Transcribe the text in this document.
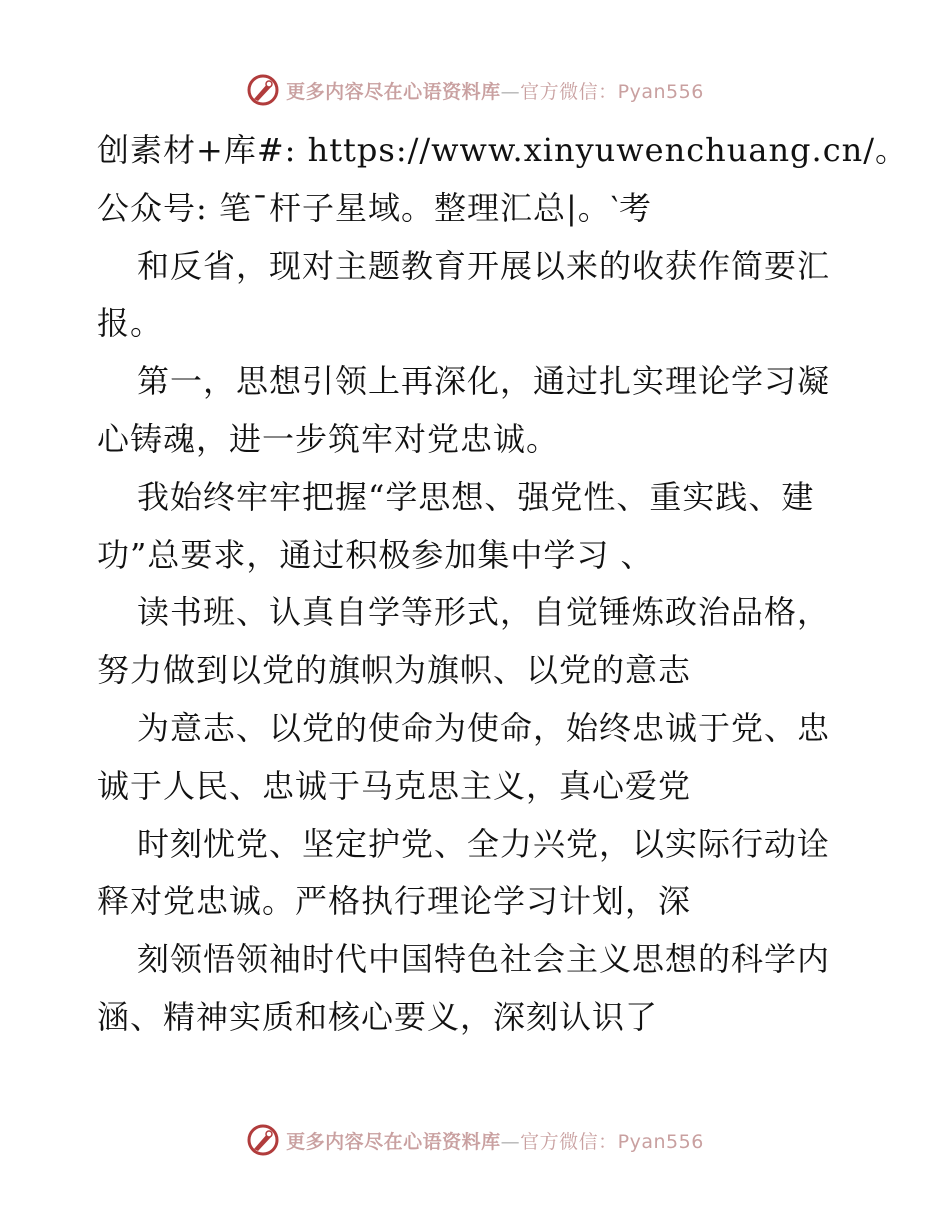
更多内容尽在心语资料库—官方微信：Pyan556
创素材+库#: https://www.xinyuwenchuang.cn/。
公众号: 笔¯杆子星域。整理汇总|。‵考
和反省，现对主题教育开展以来的收获作简要汇
报。
第一，思想引领上再深化，通过扎实理论学习凝
心铸魂，进一步筑牢对党忠诚。
我始终牢牢把握“学思想、强党性、重实践、建
功”总要求，通过积极参加集中学习 、
读书班、认真自学等形式，自觉锤炼政治品格，
努力做到以党的旗帜为旗帜、以党的意志
为意志、以党的使命为使命，始终忠诚于党、忠
诚于人民、忠诚于马克思主义，真心爱党
时刻忧党、坚定护党、全力兴党，以实际行动诠
释对党忠诚。严格执行理论学习计划，深
刻领悟领袖时代中国特色社会主义思想的科学内
涵、精神实质和核心要义，深刻认识了
更多内容尽在心语资料库—官方微信：Pyan556
